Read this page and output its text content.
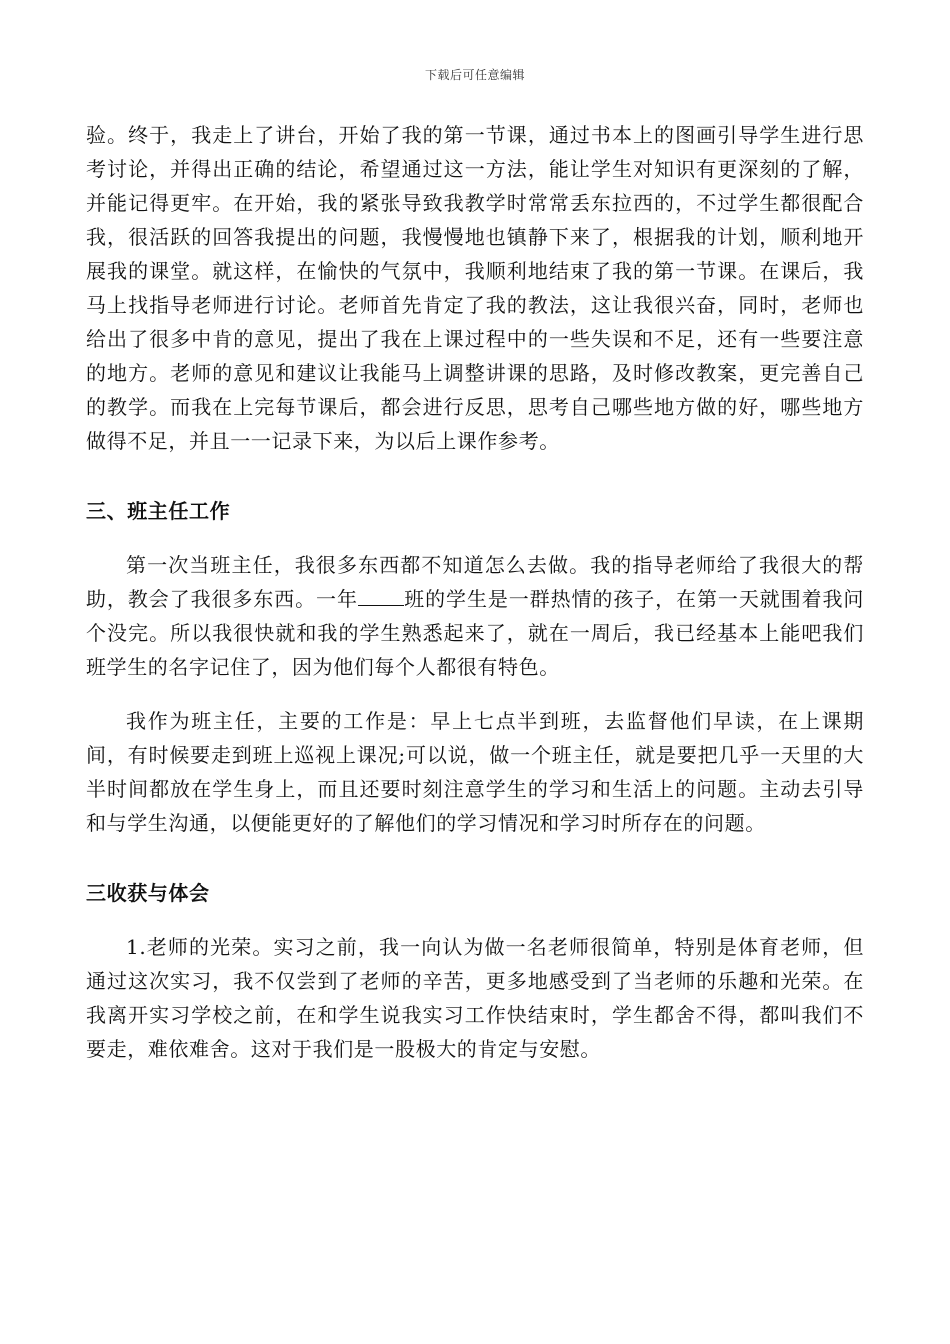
下载后可任意编辑

验。终于，我走上了讲台，开始了我的第一节课，通过书本上的图画引导学生进行思考讨论，并得出正确的结论，希望通过这一方法，能让学生对知识有更深刻的了解，并能记得更牢。在开始，我的紧张导致我教学时常常丢东拉西的，不过学生都很配合我，很活跃的回答我提出的问题，我慢慢地也镇静下来了，根据我的计划，顺利地开展我的课堂。就这样，在愉快的气氛中，我顺利地结束了我的第一节课。在课后，我马上找指导老师进行讨论。老师首先肯定了我的教法，这让我很兴奋，同时，老师也给出了很多中肯的意见，提出了我在上课过程中的一些失误和不足，还有一些要注意的地方。老师的意见和建议让我能马上调整讲课的思路，及时修改教案，更完善自己的教学。而我在上完每节课后，都会进行反思，思考自己哪些地方做的好，哪些地方做得不足，并且一一记录下来，为以后上课作参考。

三、班主任工作

第一次当班主任，我很多东西都不知道怎么去做。我的指导老师给了我很大的帮助，教会了我很多东西。一年 班的学生是一群热情的孩子，在第一天就围着我问个没完。所以我很快就和我的学生熟悉起来了，就在一周后，我已经基本上能吧我们班学生的名字记住了，因为他们每个人都很有特色。

我作为班主任，主要的工作是：早上七点半到班，去监督他们早读，在上课期间，有时候要走到班上巡视上课况;可以说，做一个班主任，就是要把几乎一天里的大半时间都放在学生身上，而且还要时刻注意学生的学习和生活上的问题。主动去引导和与学生沟通，以便能更好的了解他们的学习情况和学习时所存在的问题。

三收获与体会

1.老师的光荣。实习之前，我一向认为做一名老师很简单，特别是体育老师，但通过这次实习，我不仅尝到了老师的辛苦，更多地感受到了当老师的乐趣和光荣。在我离开实习学校之前，在和学生说我实习工作快结束时，学生都舍不得，都叫我们不要走，难依难舍。这对于我们是一股极大的肯定与安慰。
